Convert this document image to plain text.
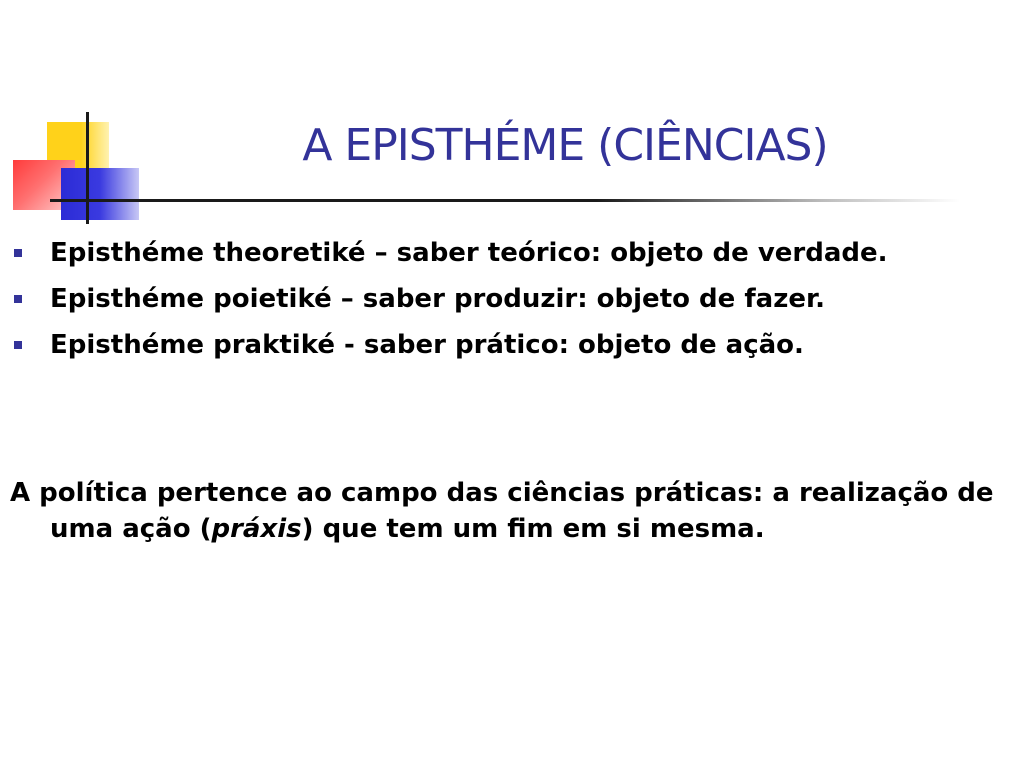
A EPISTHÉME (CIÊNCIAS)
Episthéme theoretiké – saber teórico: objeto de verdade.
Episthéme poietiké – saber produzir: objeto de fazer.
Episthéme praktiké - saber prático: objeto de ação.
A política pertence ao campo das ciências práticas: a realização de uma ação (práxis) que tem um fim em si mesma.
